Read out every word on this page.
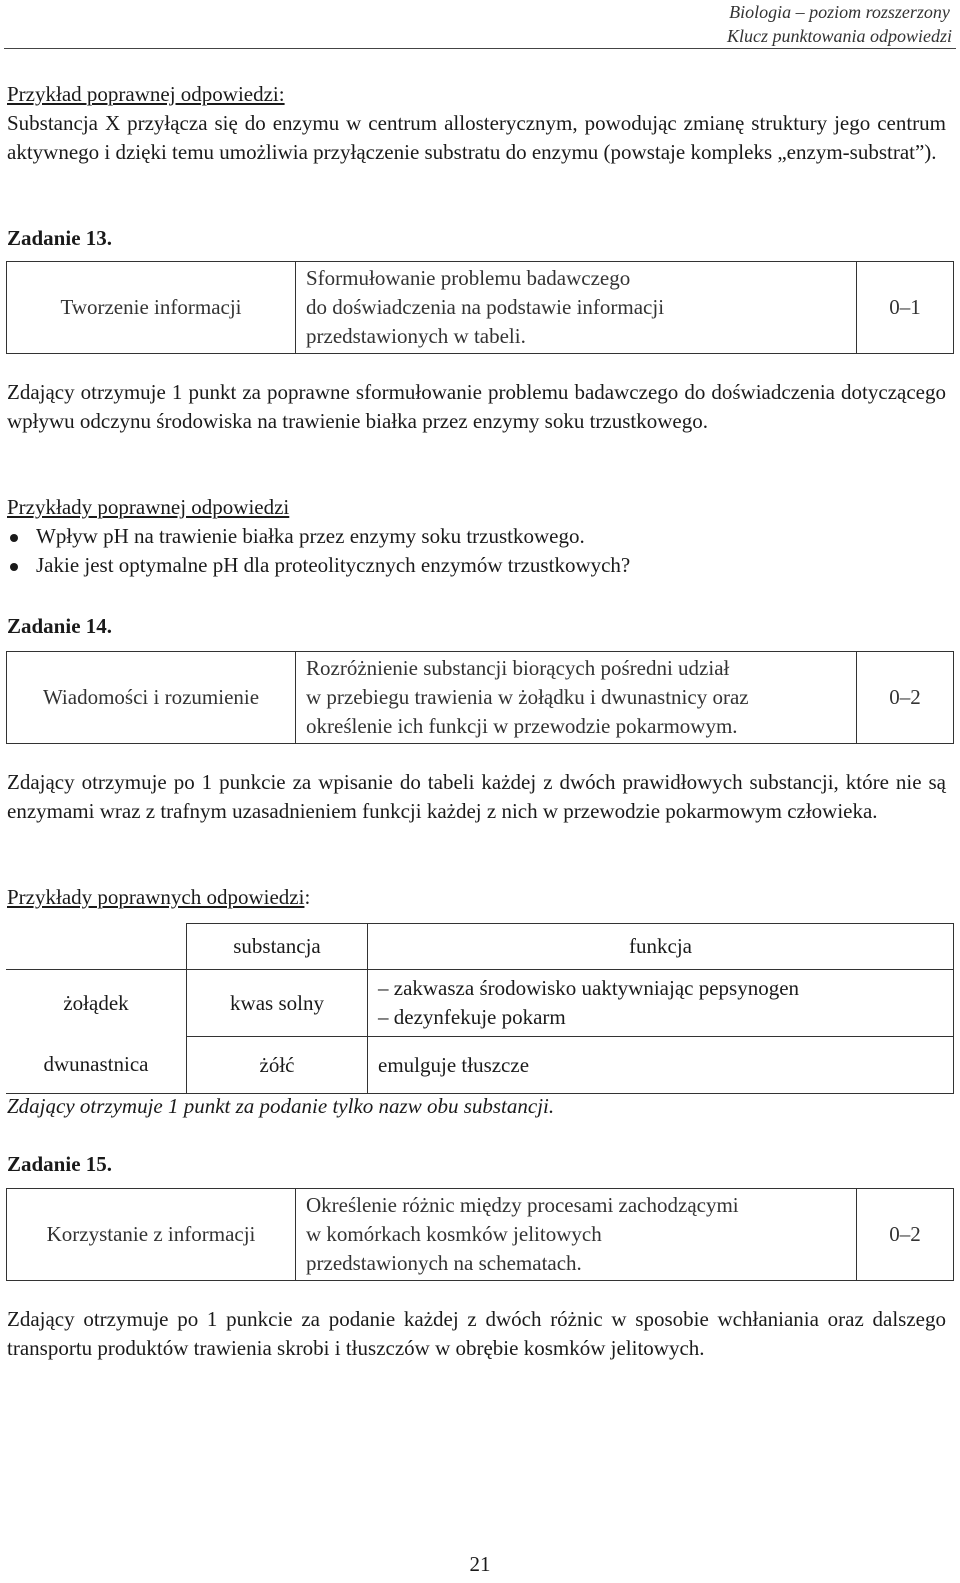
Biologia – poziom rozszerzony
Klucz punktowania odpowiedzi
Przykład poprawnej odpowiedzi:
Substancja X przyłącza się do enzymu w centrum allosterycznym, powodując zmianę struktury jego centrum aktywnego i dzięki temu umożliwia przyłączenie substratu do enzymu (powstaje kompleks „enzym-substrat”).
Zadanie 13.
Tworzenie informacji	
Sformułowanie problemu badawczego
do doświadczenia na podstawie informacji
przedstawionych w tabeli.
	0–1
Zdający otrzymuje 1 punkt za poprawne sformułowanie problemu badawczego do doświadczenia dotyczącego wpływu odczynu środowiska na trawienie białka przez enzymy soku trzustkowego.
Przykłady poprawnej odpowiedzi
Wpływ pH na trawienie białka przez enzymy soku trzustkowego.
Jakie jest optymalne pH dla proteolitycznych enzymów trzustkowych?
Zadanie 14.
Wiadomości i rozumienie	
Rozróżnienie substancji biorących pośredni udział
w przebiegu trawienia w żołądku i dwunastnicy oraz
określenie ich funkcji w przewodzie pokarmowym.
	0–2
Zdający otrzymuje po 1 punkcie za wpisanie do tabeli każdej z dwóch prawidłowych substancji, które nie są enzymami wraz z trafnym uzasadnieniem funkcji każdej z nich w przewodzie pokarmowym człowieka.
Przykłady poprawnych odpowiedzi:
	substancja	funkcja
żołądek	kwas solny	– zakwasza środowisko uaktywniając pepsynogen
– dezynfekuje pokarm

dwunastnica	żółć	emulguje tłuszcze
Zdający otrzymuje 1 punkt za podanie tylko nazw obu substancji.
Zadanie 15.
Korzystanie z informacji	
Określenie różnic między procesami zachodzącymi
w komórkach kosmków jelitowych
przedstawionych na schematach.
	0–2
Zdający otrzymuje po 1 punkcie za podanie każdej z dwóch różnic w sposobie wchłaniania oraz dalszego transportu produktów trawienia skrobi i tłuszczów w obrębie kosmków jelitowych.
21
